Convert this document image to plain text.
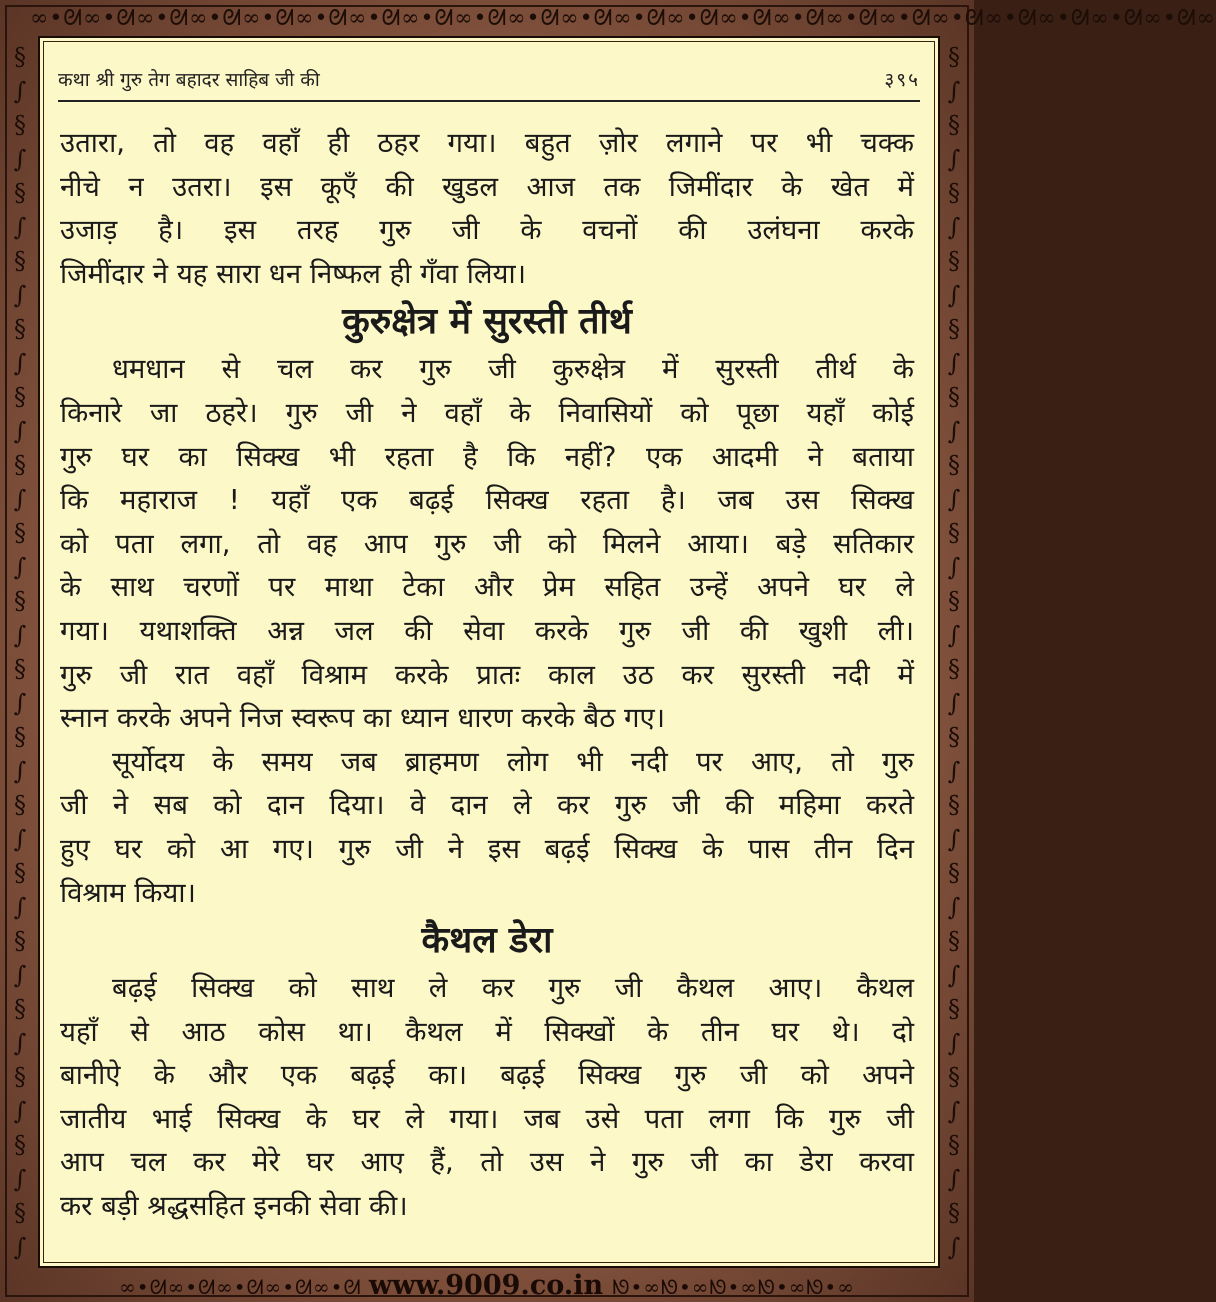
∞•ᘛ∞•ᘛ∞•ᘛ∞•ᘛ∞•ᘛ∞•ᘛ∞•ᘛ∞•ᘛ∞•ᘛ∞•ᘛ∞•ᘛ∞•ᘛ∞•ᘛ∞•ᘛ∞•ᘛ∞•ᘛ∞•ᘛ∞•ᘛ∞•ᘛ∞•ᘛ∞•ᘛ∞•ᘛ∞
§
∫
§
∫
§
∫
§
∫
§
∫
§
∫
§
∫
§
∫
§
∫
§
∫
§
∫
§
∫
§
∫
§
∫
§
∫
§
∫
§
∫
§
∫
§
∫
§
∫
§
∫
§
∫
§
∫
§
∫
§
∫
§
∫
§
∫
§
∫
§
∫
§
∫
§
∫
§
∫
§
∫
§
∫
§
∫
§
∫
कथा श्री गुरु तेग बहादर साहिब जी की	३९५
उतारा, तो वह वहाँ ही ठहर गया। बहुत ज़ोर लगाने पर भी चक्क
नीचे न उतरा। इस कूएँ की खुडल आज तक जिमींदार के खेत में
उजाड़ है। इस तरह गुरु जी के वचनों की उलंघना करके
जिमींदार ने यह सारा धन निष्फल ही गँवा लिया।
कुरुक्षेत्र में सुरस्ती तीर्थ
धमधान से चल कर गुरु जी कुरुक्षेत्र में सुरस्ती तीर्थ के
किनारे जा ठहरे। गुरु जी ने वहाँ के निवासियों को पूछा यहाँ कोई
गुरु घर का सिक्ख भी रहता है कि नहीं? एक आदमी ने बताया
कि महाराज ! यहाँ एक बढ़ई सिक्ख रहता है। जब उस सिक्ख
को पता लगा, तो वह आप गुरु जी को मिलने आया। बड़े सतिकार
के साथ चरणों पर माथा टेका और प्रेम सहित उन्हें अपने घर ले
गया। यथाशक्ति अन्न जल की सेवा करके गुरु जी की खुशी ली।
गुरु जी रात वहाँ विश्राम करके प्रातः काल उठ कर सुरस्ती नदी में
स्नान करके अपने निज स्वरूप का ध्यान धारण करके बैठ गए।
सूर्योदय के समय जब ब्राहमण लोग भी नदी पर आए, तो गुरु
जी ने सब को दान दिया। वे दान ले कर गुरु जी की महिमा करते
हुए घर को आ गए। गुरु जी ने इस बढ़ई सिक्ख के पास तीन दिन
विश्राम किया।
कैथल डेरा
बढ़ई सिक्ख को साथ ले कर गुरु जी कैथल आए। कैथल
यहाँ से आठ कोस था। कैथल में सिक्खों के तीन घर थे। दो
बानीऐ के और एक बढ़ई का। बढ़ई सिक्ख गुरु जी को अपने
जातीय भाई सिक्ख के घर ले गया। जब उसे पता लगा कि गुरु जी
आप चल कर मेरे घर आए हैं, तो उस ने गुरु जी का डेरा करवा
कर बड़ी श्रद्धसहित इनकी सेवा की।
∞•ᘛ∞•ᘛ∞•ᘛ∞•ᘛ∞•ᘛ www.9009.co.in ᘚ•∞ᘚ•∞ᘚ•∞ᘚ•∞ᘚ•∞
